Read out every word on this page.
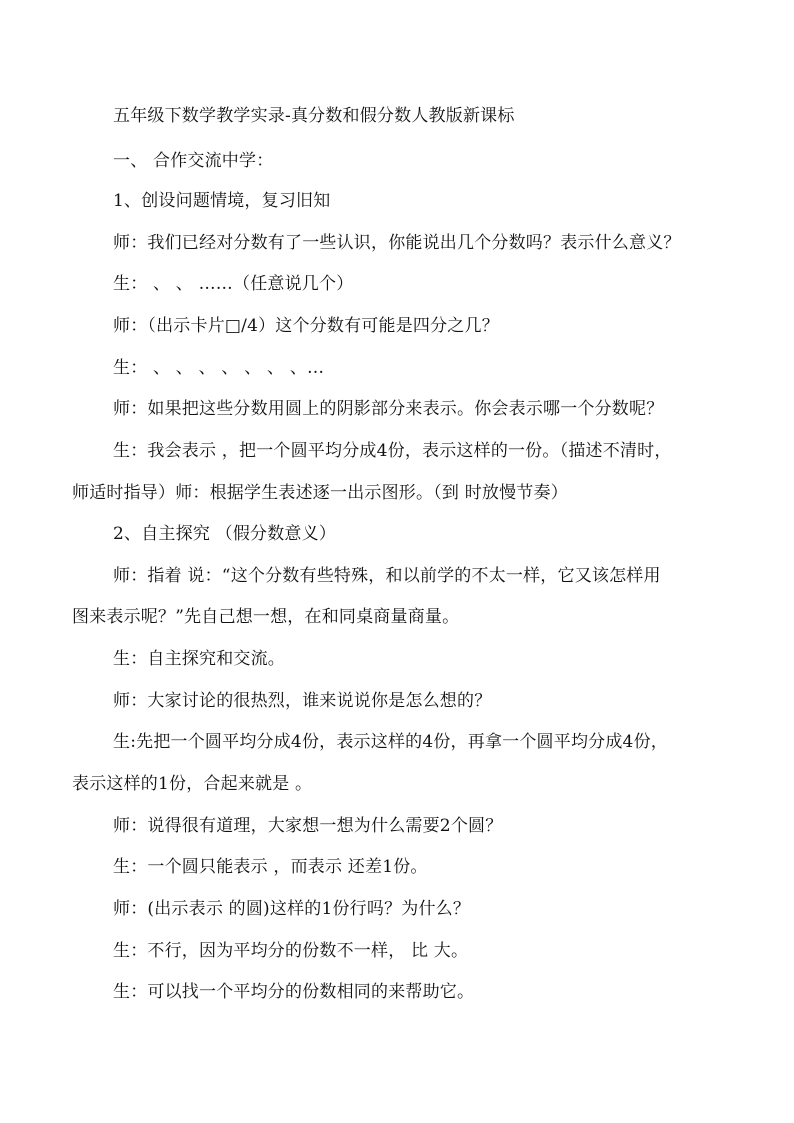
五年级下数学教学实录-真分数和假分数人教版新课标
一、 合作交流中学：
1、创设问题情境，复习旧知
师：我们已经对分数有了一些认识，你能说出几个分数吗？表示什么意义？
生： 、 、 ……（任意说几个）
师：（出示卡片□/4）这个分数有可能是四分之几？
生： 、 、 、 、 、 、 、…
师：如果把这些分数用圆上的阴影部分来表示。你会表示哪一个分数呢？
生：我会表示 ，把一个圆平均分成4份，表示这样的一份。（描述不清时，
师适时指导）师：根据学生表述逐一出示图形。（到 时放慢节奏）
2、自主探究 （假分数意义）
师：指着 说：“这个分数有些特殊，和以前学的不太一样，它又该怎样用
图来表示呢？”先自己想一想，在和同桌商量商量。
生：自主探究和交流。
师：大家讨论的很热烈，谁来说说你是怎么想的？
生:先把一个圆平均分成4份，表示这样的4份，再拿一个圆平均分成4份，
表示这样的1份，合起来就是 。
师：说得很有道理，大家想一想为什么需要2个圆？
生：一个圆只能表示 ，而表示 还差1份。
师：(出示表示 的圆)这样的1份行吗？为什么？
生：不行，因为平均分的份数不一样， 比 大。
生：可以找一个平均分的份数相同的来帮助它。
